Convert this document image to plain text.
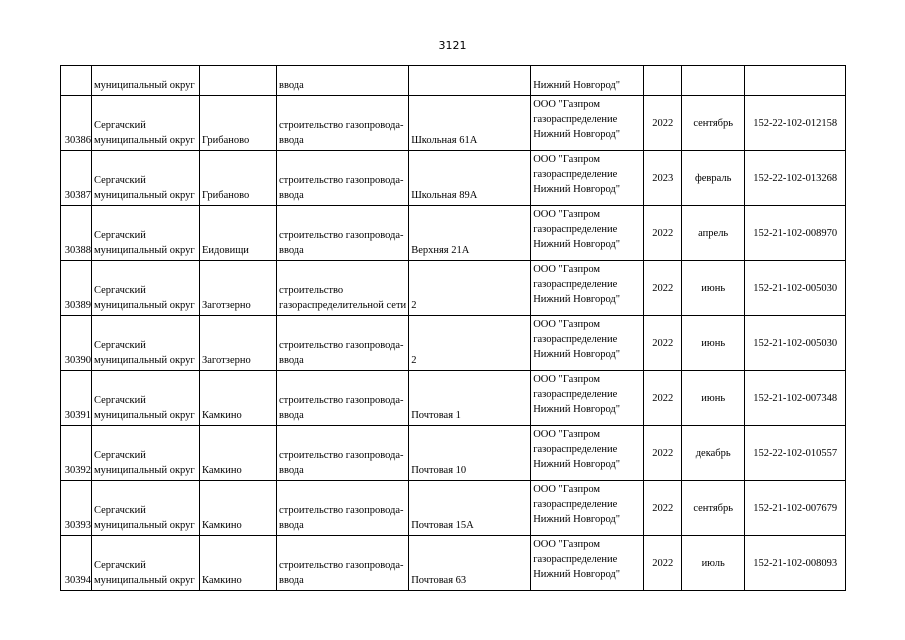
3121
	муниципальный округ		ввода		Нижний Новгород"			
30386	Сергачский
муниципальный округ	Грибаново	строительство газопровода-
ввода	Школьная 61А	ООО "Газпром
газораспределение
Нижний Новгород"	2022	сентябрь	152-22-102-012158
30387	Сергачский
муниципальный округ	Грибаново	строительство газопровода-
ввода	Школьная 89А	ООО "Газпром
газораспределение
Нижний Новгород"	2023	февраль	152-22-102-013268
30388	Сергачский
муниципальный округ	Еидовищи	строительство газопровода-
ввода	Верхняя 21А	ООО "Газпром
газораспределение
Нижний Новгород"	2022	апрель	152-21-102-008970
30389	Сергачский
муниципальный округ	Заготзерно	строительство
газораспределительной сети	2	ООО "Газпром
газораспределение
Нижний Новгород"	2022	июнь	152-21-102-005030
30390	Сергачский
муниципальный округ	Заготзерно	строительство газопровода-
ввода	2	ООО "Газпром
газораспределение
Нижний Новгород"	2022	июнь	152-21-102-005030
30391	Сергачский
муниципальный округ	Камкино	строительство газопровода-
ввода	Почтовая 1	ООО "Газпром
газораспределение
Нижний Новгород"	2022	июнь	152-21-102-007348
30392	Сергачский
муниципальный округ	Камкино	строительство газопровода-
ввода	Почтовая 10	ООО "Газпром
газораспределение
Нижний Новгород"	2022	декабрь	152-22-102-010557
30393	Сергачский
муниципальный округ	Камкино	строительство газопровода-
ввода	Почтовая 15А	ООО "Газпром
газораспределение
Нижний Новгород"	2022	сентябрь	152-21-102-007679
30394	Сергачский
муниципальный округ	Камкино	строительство газопровода-
ввода	Почтовая 63	ООО "Газпром
газораспределение
Нижний Новгород"	2022	июль	152-21-102-008093
